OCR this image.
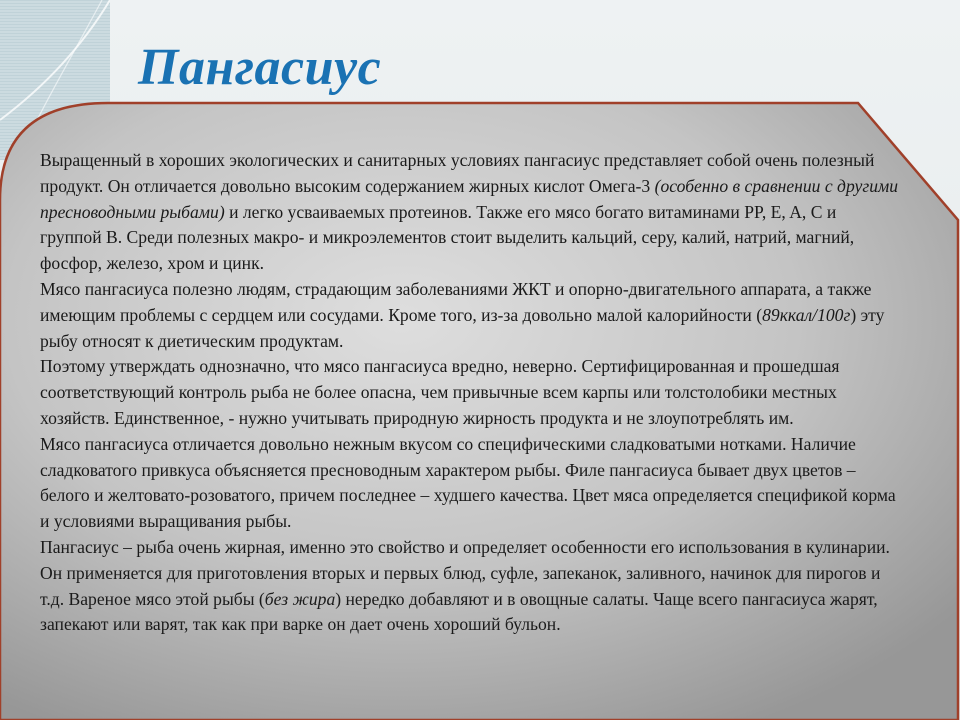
Пангасиус

Выращенный в хороших экологических и санитарных условиях пангасиус представляет собой очень полезный продукт. Он отличается довольно высоким содержанием жирных кислот Омега-3 (особенно в сравнении с другими пресноводными рыбами) и легко усваиваемых протеинов. Также его мясо богато витаминами PP, E, A, C и группой B. Среди полезных макро- и микроэлементов стоит выделить кальций, серу, калий, натрий, магний, фосфор, железо, хром и цинк.

Мясо пангасиуса полезно людям, страдающим заболеваниями ЖКТ и опорно-двигательного аппарата, а также имеющим проблемы с сердцем или сосудами. Кроме того, из-за довольно малой калорийности (89ккал/100г) эту рыбу относят к диетическим продуктам.

Поэтому утверждать однозначно, что мясо пангасиуса вредно, неверно. Сертифицированная и прошедшая соответствующий контроль рыба не более опасна, чем привычные всем карпы или толстолобики местных хозяйств. Единственное, - нужно учитывать природную жирность продукта и не злоупотреблять им.

Мясо пангасиуса отличается довольно нежным вкусом со специфическими сладковатыми нотками. Наличие сладковатого привкуса объясняется пресноводным характером рыбы. Филе пангасиуса бывает двух цветов – белого и желтовато-розоватого, причем последнее – худшего качества. Цвет мяса определяется спецификой корма и условиями выращивания рыбы.

Пангасиус – рыба очень жирная, именно это свойство и определяет особенности его использования в кулинарии. Он применяется для приготовления вторых и первых блюд, суфле, запеканок, заливного, начинок для пирогов и т.д. Вареное мясо этой рыбы (без жира) нередко добавляют и в овощные салаты. Чаще всего пангасиуса жарят, запекают или варят, так как при варке он дает очень хороший бульон.
